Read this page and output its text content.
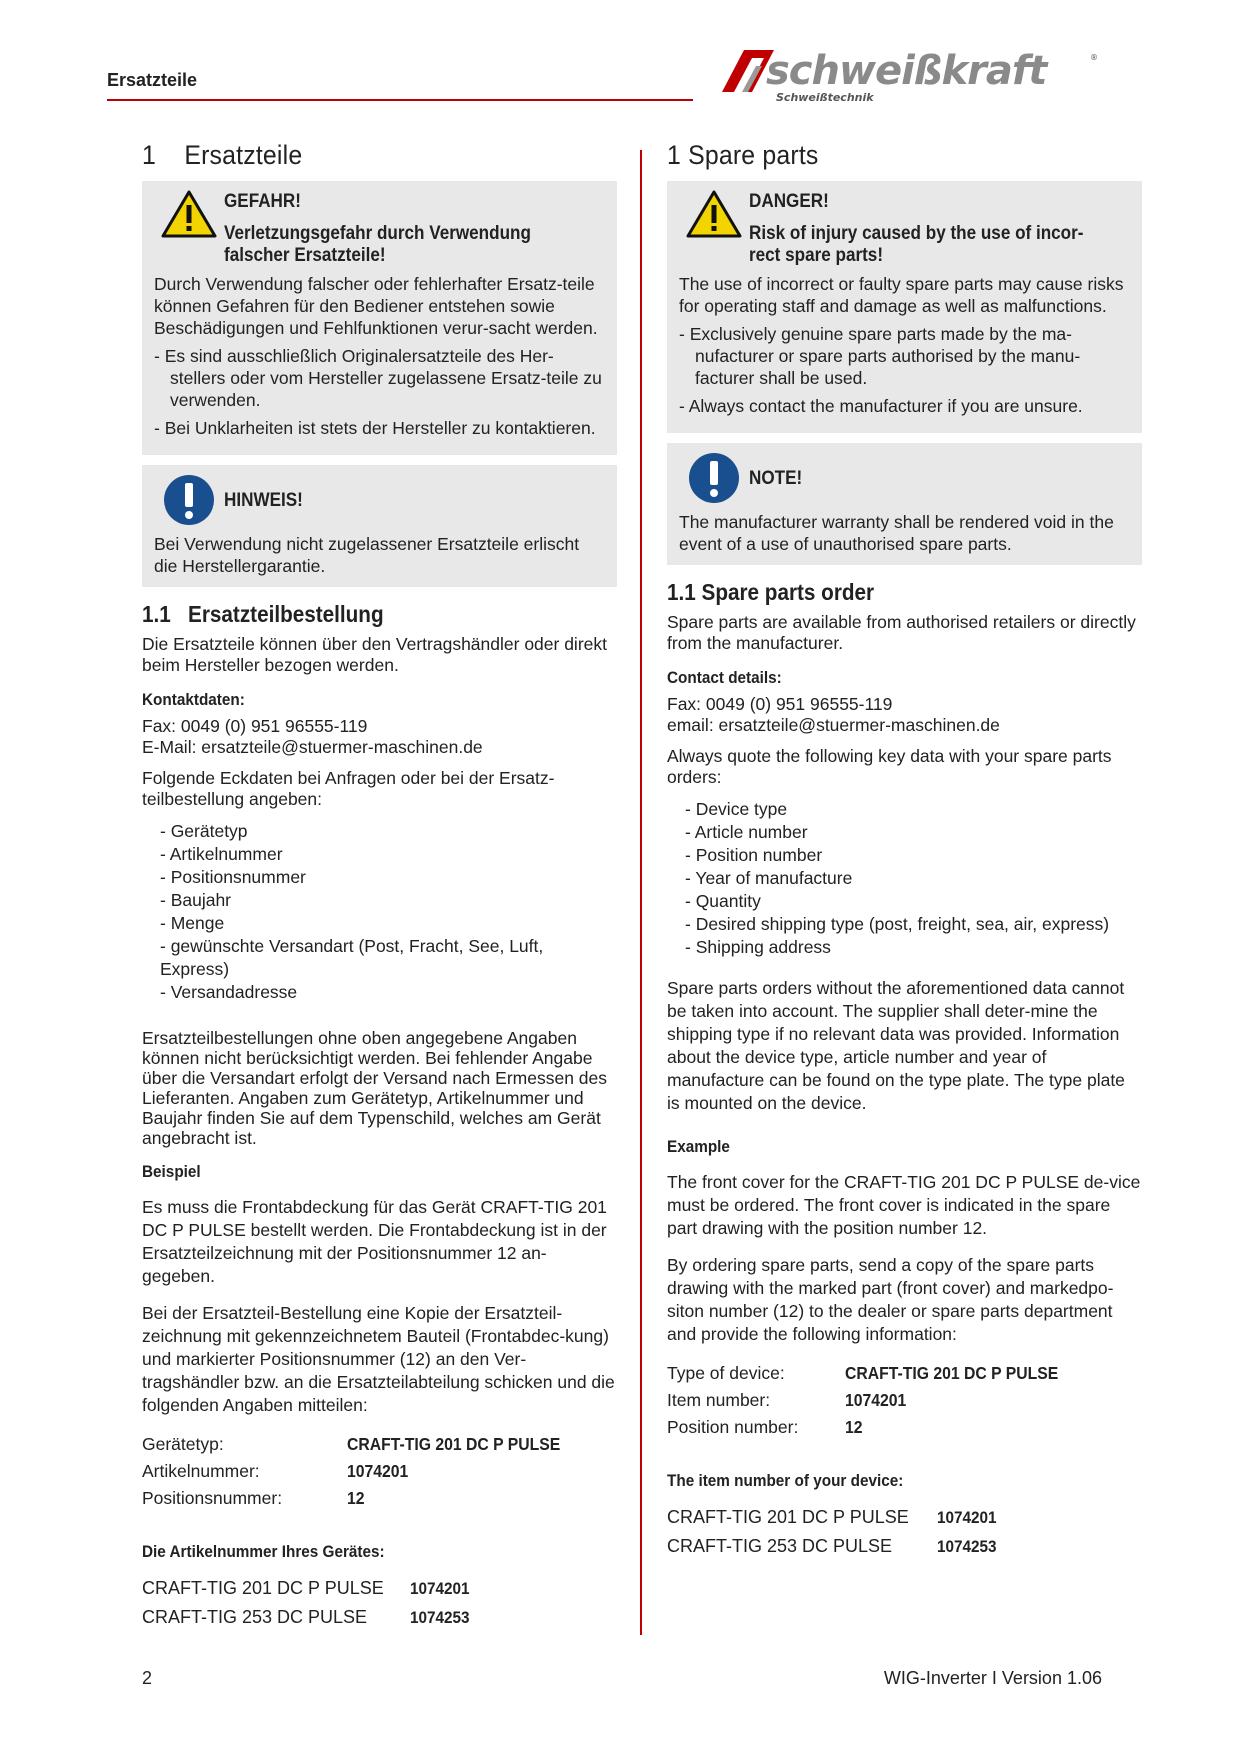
Ersatzteile	schweißkraft
Schweißtechnik
®
1 Ersatzteile
GEFAHR!
Verletzungsgefahr durch Verwendung falscher Ersatzteile!

Durch Verwendung falscher oder fehlerhafter Ersatz-teile können Gefahren für den Bediener entstehen sowie Beschädigungen und Fehlfunktionen verur-sacht werden.

- Es sind ausschließlich Originalersatzteile des Her-stellers oder vom Hersteller zugelassene Ersatz-teile zu verwenden.
- Bei Unklarheiten ist stets der Hersteller zu kontaktieren.
HINWEIS!

Bei Verwendung nicht zugelassener Ersatzteile erlischt die Herstellergarantie.

1.1 Ersatzteilbestellung

Die Ersatzteile können über den Vertragshändler oder direkt beim Hersteller bezogen werden.

Kontaktdaten:

Fax: 0049 (0) 951 96555-119

E-Mail: ersatzteile@stuermer-maschinen.de

Folgende Eckdaten bei Anfragen oder bei der Ersatz-teilbestellung angeben:

- Gerätetyp
- Artikelnummer
- Positionsnummer
- Baujahr
- Menge
- gewünschte Versandart (Post, Fracht, See, Luft, Express)
- Versandadresse

Ersatzteilbestellungen ohne oben angegebene Angaben können nicht berücksichtigt werden. Bei fehlender Angabe über die Versandart erfolgt der Versand nach Ermessen des Lieferanten. Angaben zum Gerätetyp, Artikelnummer und Baujahr finden Sie auf dem Typenschild, welches am Gerät angebracht ist.

Beispiel

Es muss die Frontabdeckung für das Gerät CRAFT-TIG 201 DC P PULSE bestellt werden. Die Frontabdeckung ist in der Ersatzteilzeichnung mit der Positionsnummer 12 an-gegeben.

Bei der Ersatzteil-Bestellung eine Kopie der Ersatzteil-zeichnung mit gekennzeichnetem Bauteil (Frontabdec-kung) und markierter Positionsnummer (12) an den Ver-tragshändler bzw. an die Ersatzteilabteilung schicken und die folgenden Angaben mitteilen:

Gerätetyp:	CRAFT-TIG 201 DC P PULSE
Artikelnummer:	1074201
Positionsnummer:	12
Die Artikelnummer Ihres Gerätes:
CRAFT-TIG 201 DC P PULSE	1074201
CRAFT-TIG 253 DC PULSE	1074253
1 Spare parts
DANGER!
Risk of injury caused by the use of incor-rect spare parts!

The use of incorrect or faulty spare parts may cause risks for operating staff and damage as well as malfunctions.

- Exclusively genuine spare parts made by the ma-nufacturer or spare parts authorised by the manu-facturer shall be used.
- Always contact the manufacturer if you are unsure.
NOTE!

The manufacturer warranty shall be rendered void in the event of a use of unauthorised spare parts.

1.1 Spare parts order

Spare parts are available from authorised retailers or directly from the manufacturer.

Contact details:

Fax: 0049 (0) 951 96555-119

email: ersatzteile@stuermer-maschinen.de

Always quote the following key data with your spare parts orders:

- Device type
- Article number
- Position number
- Year of manufacture
- Quantity
- Desired shipping type (post, freight, sea, air, express)
- Shipping address

Spare parts orders without the aforementioned data cannot be taken into account. The supplier shall deter-mine the shipping type if no relevant data was provided. Information about the device type, article number and year of manufacture can be found on the type plate. The type plate is mounted on the device.

Example

The front cover for the CRAFT-TIG 201 DC P PULSE de-vice must be ordered. The front cover is indicated in the spare part drawing with the position number 12.

By ordering spare parts, send a copy of the spare parts drawing with the marked part (front cover) and markedpo-siton number (12) to the dealer or spare parts department and provide the following information:

Type of device:	CRAFT-TIG 201 DC P PULSE
Item number:	1074201
Position number:	12
The item number of your device:
CRAFT-TIG 201 DC P PULSE	1074201
CRAFT-TIG 253 DC PULSE	1074253
2	WIG-Inverter I Version 1.06
